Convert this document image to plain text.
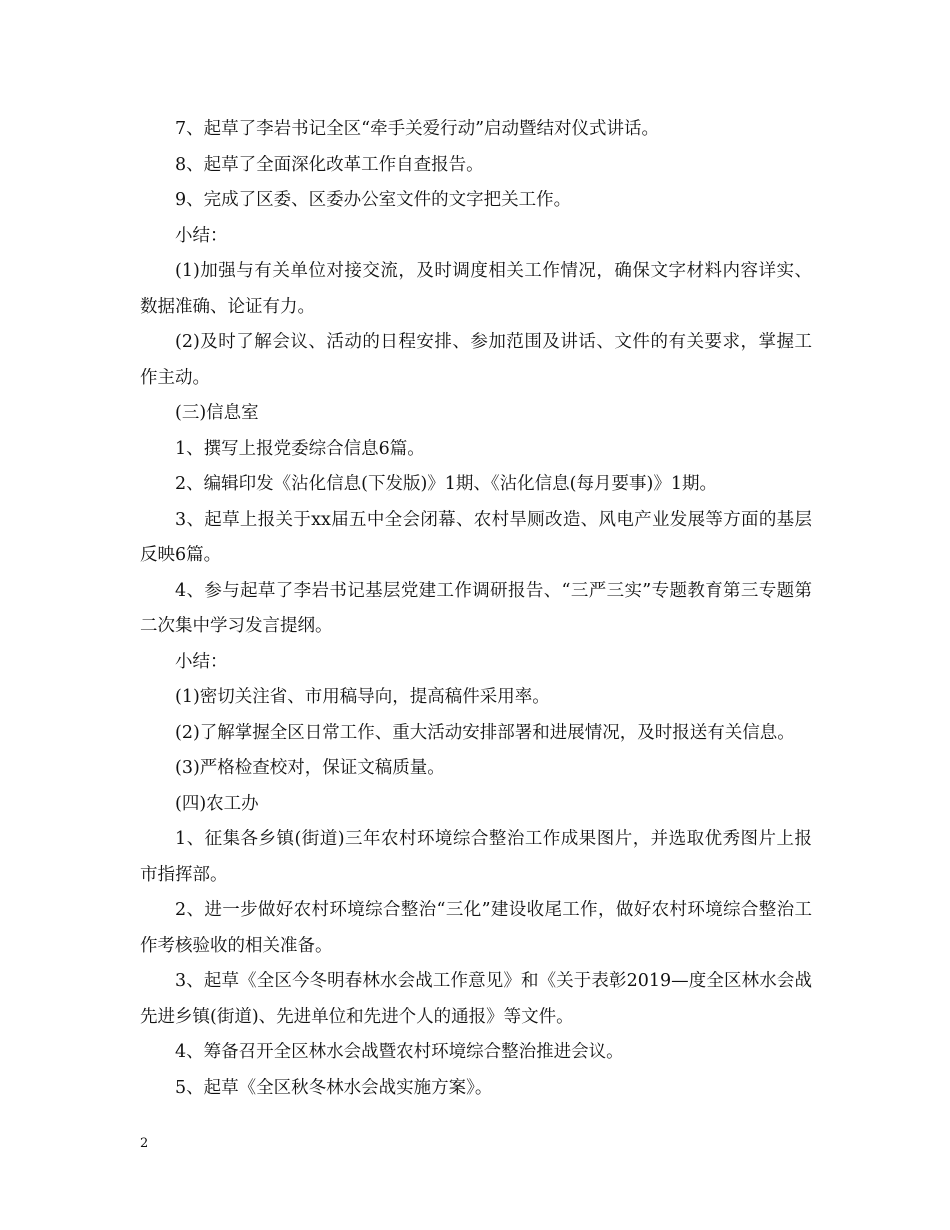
7、起草了李岩书记全区“牵手关爱行动”启动暨结对仪式讲话。

8、起草了全面深化改革工作自查报告。

9、完成了区委、区委办公室文件的文字把关工作。

小结：

(1)加强与有关单位对接交流，及时调度相关工作情况，确保文字材料内容详实、数据准确、论证有力。

(2)及时了解会议、活动的日程安排、参加范围及讲话、文件的有关要求，掌握工作主动。

(三)信息室

1、撰写上报党委综合信息6篇。

2、编辑印发《沾化信息(下发版)》1期、《沾化信息(每月要事)》1期。

3、起草上报关于xx届五中全会闭幕、农村旱厕改造、风电产业发展等方面的基层反映6篇。

4、参与起草了李岩书记基层党建工作调研报告、“三严三实”专题教育第三专题第二次集中学习发言提纲。

小结：

(1)密切关注省、市用稿导向，提高稿件采用率。

(2)了解掌握全区日常工作、重大活动安排部署和进展情况，及时报送有关信息。

(3)严格检查校对，保证文稿质量。

(四)农工办

1、征集各乡镇(街道)三年农村环境综合整治工作成果图片，并选取优秀图片上报市指挥部。

2、进一步做好农村环境综合整治“三化”建设收尾工作，做好农村环境综合整治工作考核验收的相关准备。

3、起草《全区今冬明春林水会战工作意见》和《关于表彰2019—度全区林水会战先进乡镇(街道)、先进单位和先进个人的通报》等文件。

4、筹备召开全区林水会战暨农村环境综合整治推进会议。

5、起草《全区秋冬林水会战实施方案》。

2
